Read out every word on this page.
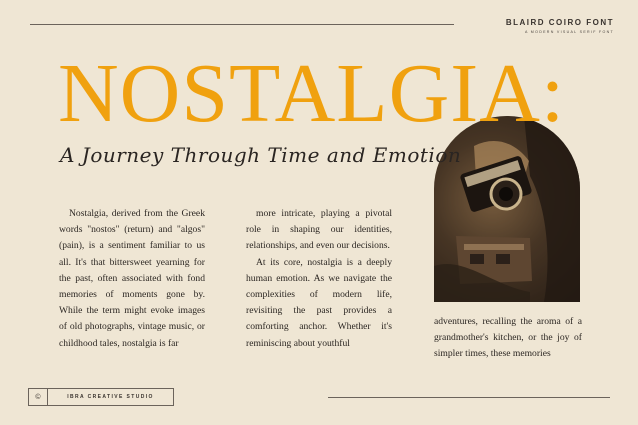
BLAIRD COIRO FONT
A MODERN VISUAL SERIF FONT
NOSTALGIA:
A Journey Through Time and Emotion

Nostalgia, derived from the Greek words "nostos" (return) and "algos" (pain), is a sentiment familiar to us all. It's that bittersweet yearning for the past, often associated with fond memories of moments gone by. While the term might evoke images of old photographs, vintage music, or childhood tales, nostalgia is far

more intricate, playing a pivotal role in shaping our identities, relationships, and even our decisions.

At its core, nostalgia is a deeply human emotion. As we navigate the complexities of modern life, revisiting the past provides a comforting anchor. Whether it's reminiscing about youthful

adventures, recalling the aroma of a grandmother's kitchen, or the joy of simpler times, these memories

©	IBRA CREATIVE STUDIO
